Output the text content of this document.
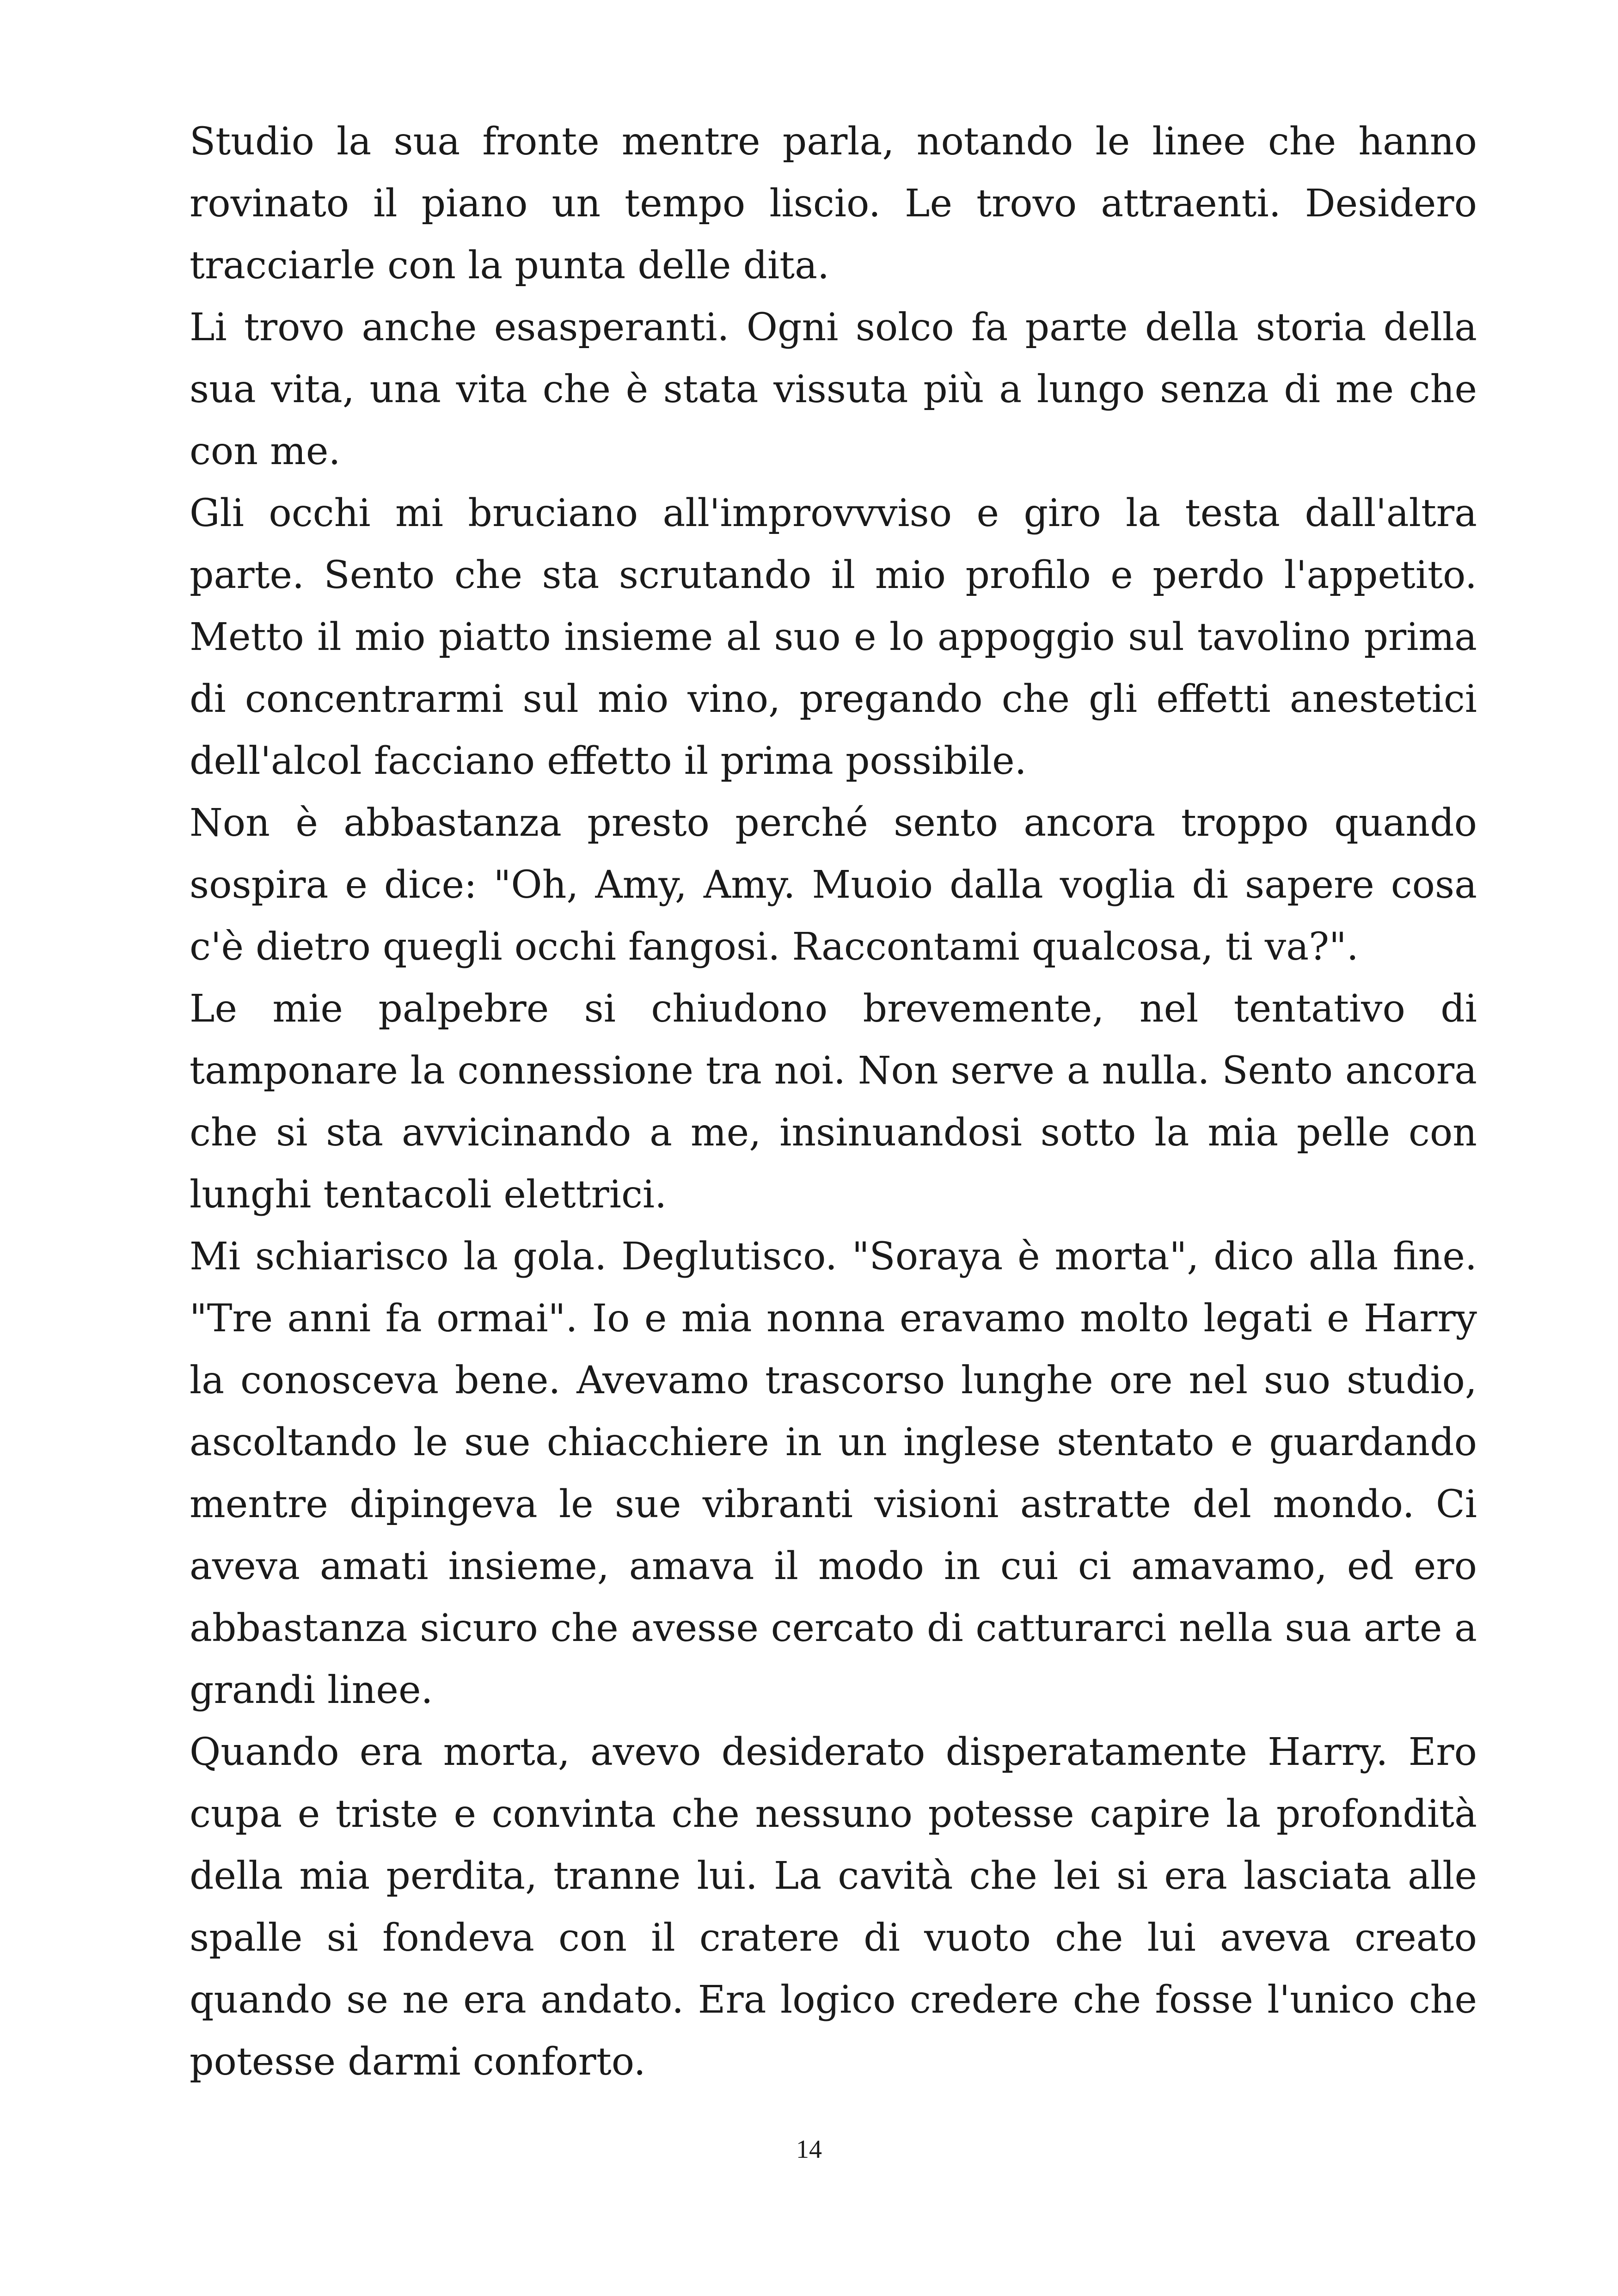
Studio la sua fronte mentre parla, notando le linee che hanno rovinato il piano un tempo liscio. Le trovo attraenti. Desidero tracciarle con la punta delle dita.

Li trovo anche esasperanti. Ogni solco fa parte della storia della sua vita, una vita che è stata vissuta più a lungo senza di me che con me.

Gli occhi mi bruciano all'improvvviso e giro la testa dall'altra parte. Sento che sta scrutando il mio profilo e perdo l'appetito. Metto il mio piatto insieme al suo e lo appoggio sul tavolino prima di concentrarmi sul mio vino, pregando che gli effetti anestetici dell'alcol facciano effetto il prima possibile.

Non è abbastanza presto perché sento ancora troppo quando sospira e dice: "Oh, Amy, Amy. Muoio dalla voglia di sapere cosa c'è dietro quegli occhi fangosi. Raccontami qualcosa, ti va?".

Le mie palpebre si chiudono brevemente, nel tentativo di tamponare la connessione tra noi. Non serve a nulla. Sento ancora che si sta avvicinando a me, insinuandosi sotto la mia pelle con lunghi tentacoli elettrici.

Mi schiarisco la gola. Deglutisco. "Soraya è morta", dico alla fine. "Tre anni fa ormai". Io e mia nonna eravamo molto legati e Harry la conosceva bene. Avevamo trascorso lunghe ore nel suo studio, ascoltando le sue chiacchiere in un inglese stentato e guardando mentre dipingeva le sue vibranti visioni astratte del mondo. Ci aveva amati insieme, amava il modo in cui ci amavamo, ed ero abbastanza sicuro che avesse cercato di catturarci nella sua arte a grandi linee.

Quando era morta, avevo desiderato disperatamente Harry. Ero cupa e triste e convinta che nessuno potesse capire la profondità della mia perdita, tranne lui. La cavità che lei si era lasciata alle spalle si fondeva con il cratere di vuoto che lui aveva creato quando se ne era andato. Era logico credere che fosse l'unico che potesse darmi conforto.

14
